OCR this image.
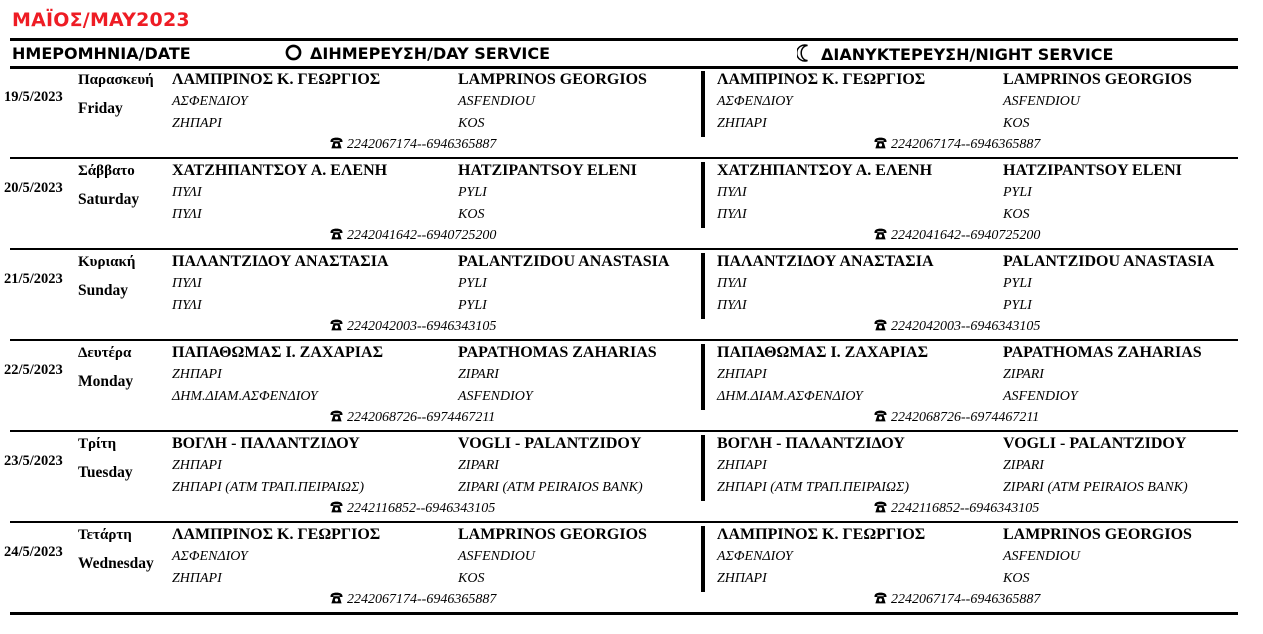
ΜΑΪΟΣ/MAY2023
ΗΜΕΡΟΜΗΝΙΑ/DATE	ΔΙΗΜΕΡΕΥΣΗ/DAY SERVICE	ΔΙΑΝΥΚΤΕΡΕΥΣΗ/NIGHT SERVICE
19/5/2023
Παρασκευή
Friday
ΛΑΜΠΡΙΝΟΣ Κ. ΓΕΩΡΓΙΟΣ	LAMPRINOS GEORGIOS
ΑΣΦΕΝΔΙΟΥ	ASFENDIOU
ΖΗΠΑΡΙ	KOS
2242067174--6946365887
ΛΑΜΠΡΙΝΟΣ Κ. ΓΕΩΡΓΙΟΣ	LAMPRINOS GEORGIOS
ΑΣΦΕΝΔΙΟΥ	ASFENDIOU
ΖΗΠΑΡΙ	KOS
2242067174--6946365887
20/5/2023
Σάββατο
Saturday
ΧΑΤΖΗΠΑΝΤΣΟΥ Α. ΕΛΕΝΗ	HATZIPANTSOY ELENI
ΠΥΛΙ	PYLI
ΠΥΛΙ	KOS
2242041642--6940725200
ΧΑΤΖΗΠΑΝΤΣΟΥ Α. ΕΛΕΝΗ	HATZIPANTSOY ELENI
ΠΥΛΙ	PYLI
ΠΥΛΙ	KOS
2242041642--6940725200
21/5/2023
Κυριακή
Sunday
ΠΑΛΑΝΤΖΙΔΟΥ ΑΝΑΣΤΑΣΙΑ	PALANTZIDOU ANASTASIA
ΠΥΛΙ	PYLI
ΠΥΛΙ	PYLI
2242042003--6946343105
ΠΑΛΑΝΤΖΙΔΟΥ ΑΝΑΣΤΑΣΙΑ	PALANTZIDOU ANASTASIA
ΠΥΛΙ	PYLI
ΠΥΛΙ	PYLI
2242042003--6946343105
22/5/2023
Δευτέρα
Monday
ΠΑΠΑΘΩΜΑΣ Ι. ΖΑΧΑΡΙΑΣ	PAPATHOMAS ZAHARIAS
ΖΗΠΑΡΙ	ZIPARI
ΔΗΜ.ΔΙΑΜ.ΑΣΦΕΝΔΙΟΥ	ASFENDIOY
2242068726--6974467211
ΠΑΠΑΘΩΜΑΣ Ι. ΖΑΧΑΡΙΑΣ	PAPATHOMAS ZAHARIAS
ΖΗΠΑΡΙ	ZIPARI
ΔΗΜ.ΔΙΑΜ.ΑΣΦΕΝΔΙΟΥ	ASFENDIOY
2242068726--6974467211
23/5/2023
Τρίτη
Tuesday
ΒΟΓΛΗ - ΠΑΛΑΝΤΖΙΔΟΥ	VOGLI - PALANTZIDOY
ΖΗΠΑΡΙ	ZIPARI
ΖΗΠΑΡΙ (ΑΤΜ ΤΡΑΠ.ΠΕΙΡΑΙΩΣ)	ZIPARI (ATM PEIRAIOS BANK)
2242116852--6946343105
ΒΟΓΛΗ - ΠΑΛΑΝΤΖΙΔΟΥ	VOGLI - PALANTZIDOY
ΖΗΠΑΡΙ	ZIPARI
ΖΗΠΑΡΙ (ΑΤΜ ΤΡΑΠ.ΠΕΙΡΑΙΩΣ)	ZIPARI (ATM PEIRAIOS BANK)
2242116852--6946343105
24/5/2023
Τετάρτη
Wednesday
ΛΑΜΠΡΙΝΟΣ Κ. ΓΕΩΡΓΙΟΣ	LAMPRINOS GEORGIOS
ΑΣΦΕΝΔΙΟΥ	ASFENDIOU
ΖΗΠΑΡΙ	KOS
2242067174--6946365887
ΛΑΜΠΡΙΝΟΣ Κ. ΓΕΩΡΓΙΟΣ	LAMPRINOS GEORGIOS
ΑΣΦΕΝΔΙΟΥ	ASFENDIOU
ΖΗΠΑΡΙ	KOS
2242067174--6946365887
